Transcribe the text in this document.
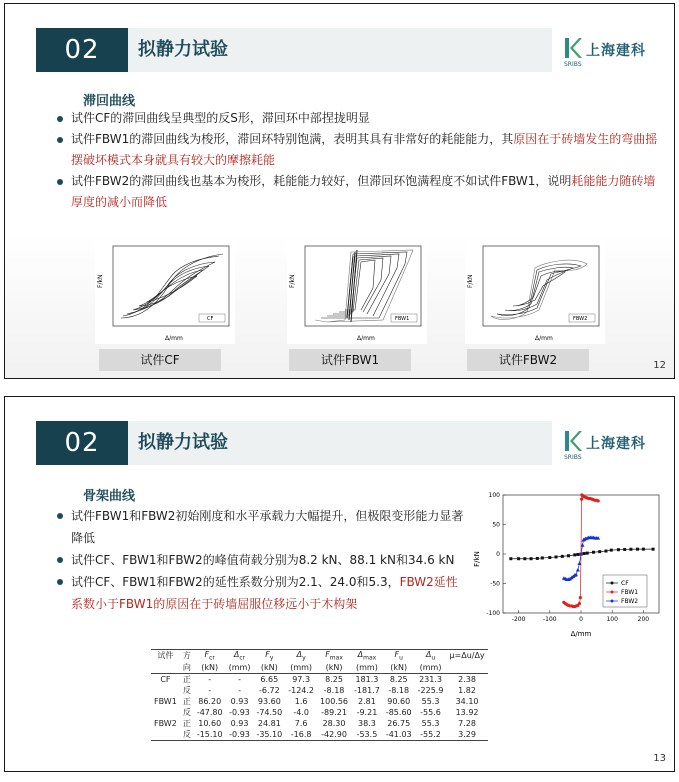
02	拟静力试验	上海建科
SRIBS
滞回曲线
试件CF的滞回曲线呈典型的反S形，滞回环中部捏拢明显
试件FBW1的滞回曲线为梭形，滞回环特别饱满，表明其具有非常好的耗能能力，其原因在于砖墙发生的弯曲摇摆破坏模式本身就具有较大的摩擦耗能
试件FBW2的滞回曲线也基本为梭形，耗能能力较好，但滞回环饱满程度不如试件FBW1，说明耗能能力随砖墙厚度的减小而降低
F/kN
Δ/mm
CF
试件CF
F/kN
Δ/mm
FBW1
试件FBW1
F/kN
Δ/mm
FBW2
试件FBW2	12
02	拟静力试验	上海建科
SRIBS
骨架曲线
试件FBW1和FBW2初始刚度和水平承载力大幅提升，但极限变形能力显著降低
试件CF、FBW1和FBW2的峰值荷载分别为8.2 kN、88.1 kN和34.6 kN
试件CF、FBW1和FBW2的延性系数分别为2.1、24.0和5.3，FBW2延性系数小于FBW1的原因在于砖墙屈服位移远小于木构架
-200	-100	0	100	200
-100
-50
0
50
100
F/kN
Δ/mm
CF
FBW1
FBW2
试件	方	$F_{cr}$	$\Delta_{cr}$	$F_y$	$\Delta_y$	$F_{max}$	$\Delta_{max}$	$F_u$	$\Delta_u$	μ=Δu/Δy
	向	(kN)	(mm)	(kN)	(mm)	(kN)	(mm)	(kN)	(mm)	
CF	正	-	-	6.65	97.3	8.25	181.3	8.25	231.3	2.38
	反	-	-	-6.72	-124.2	-8.18	-181.7	-8.18	-225.9	1.82
FBW1	正	86.20	0.93	93.60	1.6	100.56	2.81	90.60	55.3	34.10
	反	-47.80	-0.93	-74.50	-4.0	-89.21	-9.21	-85.60	-55.6	13.92
FBW2	正	10.60	0.93	24.81	7.6	28.30	38.3	26.75	55.3	7.28
	反	-15.10	-0.93	-35.10	-16.8	-42.90	-53.5	-41.03	-55.2	3.29
13
